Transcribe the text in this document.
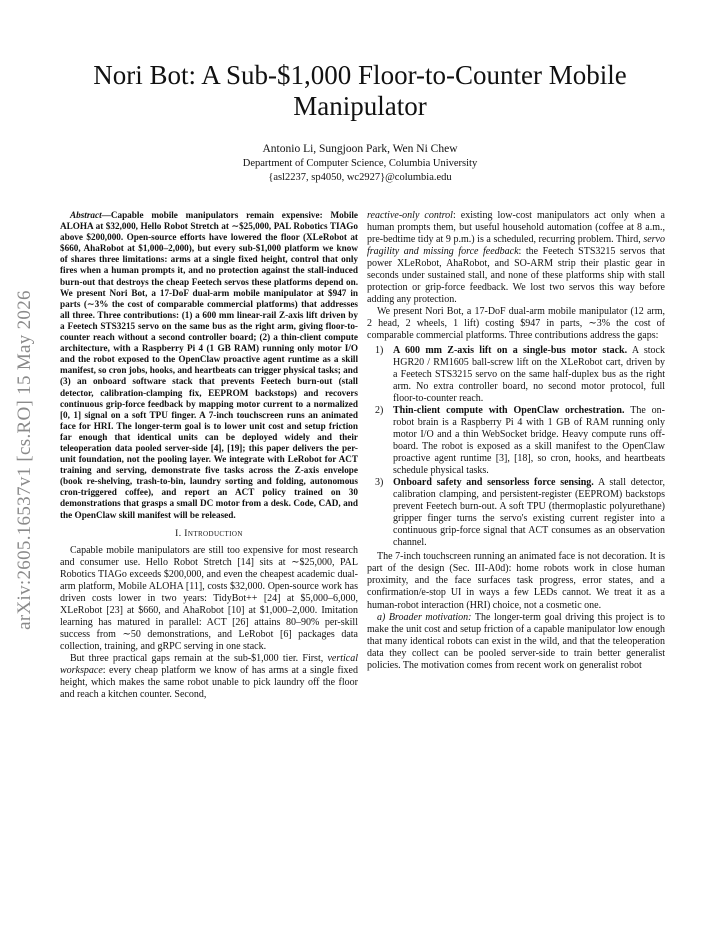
arXiv:2605.16537v1 [cs.RO] 15 May 2026
Nori Bot: A Sub-$1,000 Floor-to-Counter Mobile Manipulator
Antonio Li, Sungjoon Park, Wen Ni Chew
Department of Computer Science, Columbia University
{asl2237, sp4050, wc2927}@columbia.edu

Abstract—Capable mobile manipulators remain expensive: Mobile ALOHA at $32,000, Hello Robot Stretch at ∼$25,000, PAL Robotics TIAGo above $200,000. Open-source efforts have lowered the floor (XLeRobot at $660, AhaRobot at $1,000–2,000), but every sub-$1,000 platform we know of shares three limitations: arms at a single fixed height, control that only fires when a human prompts it, and no protection against the stall-induced burn-out that destroys the cheap Feetech servos these platforms depend on. We present Nori Bot, a 17-DoF dual-arm mobile manipulator at $947 in parts (∼3% the cost of comparable commercial platforms) that addresses all three. Three contributions: (1) a 600 mm linear-rail Z-axis lift driven by a Feetech STS3215 servo on the same bus as the right arm, giving floor-to-counter reach without a second controller board; (2) a thin-client compute architecture, with a Raspberry Pi 4 (1 GB RAM) running only motor I/O and the robot exposed to the OpenClaw proactive agent runtime as a skill manifest, so cron jobs, hooks, and heartbeats can trigger physical tasks; and (3) an onboard software stack that prevents Feetech burn-out (stall detector, calibration-clamping fix, EEPROM backstops) and recovers continuous grip-force feedback by mapping motor current to a normalized [0, 1] signal on a soft TPU finger. A 7-inch touchscreen runs an animated face for HRI. The longer-term goal is to lower unit cost and setup friction far enough that identical units can be deployed widely and their teleoperation data pooled server-side [4], [19]; this paper delivers the per-unit foundation, not the pooling layer. We integrate with LeRobot for ACT training and serving, demonstrate five tasks across the Z-axis envelope (book re-shelving, trash-to-bin, laundry sorting and folding, autonomous cron-triggered coffee), and report an ACT policy trained on 30 demonstrations that grasps a small DC motor from a desk. Code, CAD, and the OpenClaw skill manifest will be released.

I. Introduction

Capable mobile manipulators are still too expensive for most research and consumer use. Hello Robot Stretch [14] sits at ∼$25,000, PAL Robotics TIAGo exceeds $200,000, and even the cheapest academic dual-arm platform, Mobile ALOHA [11], costs $32,000. Open-source work has driven costs lower in two years: TidyBot++ [24] at $5,000–6,000, XLeRobot [23] at $660, and AhaRobot [10] at $1,000–2,000. Imitation learning has matured in parallel: ACT [26] attains 80–90% per-skill success from ∼50 demonstrations, and LeRobot [6] packages data collection, training, and gRPC serving in one stack.

But three practical gaps remain at the sub-$1,000 tier. First, vertical workspace: every cheap platform we know of has arms at a single fixed height, which makes the same robot unable to pick laundry off the floor and reach a kitchen counter. Second,

reactive-only control: existing low-cost manipulators act only when a human prompts them, but useful household automation (coffee at 8 a.m., pre-bedtime tidy at 9 p.m.) is a scheduled, recurring problem. Third, servo fragility and missing force feedback: the Feetech STS3215 servos that power XLeRobot, AhaRobot, and SO-ARM strip their plastic gear in seconds under sustained stall, and none of these platforms ship with stall protection or grip-force feedback. We lost two servos this way before adding any protection.

We present Nori Bot, a 17-DoF dual-arm mobile manipulator (12 arm, 2 head, 2 wheels, 1 lift) costing $947 in parts, ∼3% the cost of comparable commercial platforms. Three contributions address the gaps:

1) A 600 mm Z-axis lift on a single-bus motor stack. A stock HGR20 / RM1605 ball-screw lift on the XLeRobot cart, driven by a Feetech STS3215 servo on the same half-duplex bus as the right arm. No extra controller board, no second motor protocol, full floor-to-counter reach.
2) Thin-client compute with OpenClaw orchestration. The on-robot brain is a Raspberry Pi 4 with 1 GB of RAM running only motor I/O and a thin WebSocket bridge. Heavy compute runs off-board. The robot is exposed as a skill manifest to the OpenClaw proactive agent runtime [3], [18], so cron, hooks, and heartbeats schedule physical tasks.
3) Onboard safety and sensorless force sensing. A stall detector, calibration clamping, and persistent-register (EEPROM) backstops prevent Feetech burn-out. A soft TPU (thermoplastic polyurethane) gripper finger turns the servo's existing current register into a continuous grip-force signal that ACT consumes as an observation channel.

The 7-inch touchscreen running an animated face is not decoration. It is part of the design (Sec. III-A0d): home robots work in close human proximity, and the face surfaces task progress, error states, and a confirmation/e-stop UI in ways a few LEDs cannot. We treat it as a human-robot interaction (HRI) choice, not a cosmetic one.

a) Broader motivation: The longer-term goal driving this project is to make the unit cost and setup friction of a capable manipulator low enough that many identical robots can exist in the wild, and that the teleoperation data they collect can be pooled server-side to train better generalist policies. The motivation comes from recent work on generalist robot
